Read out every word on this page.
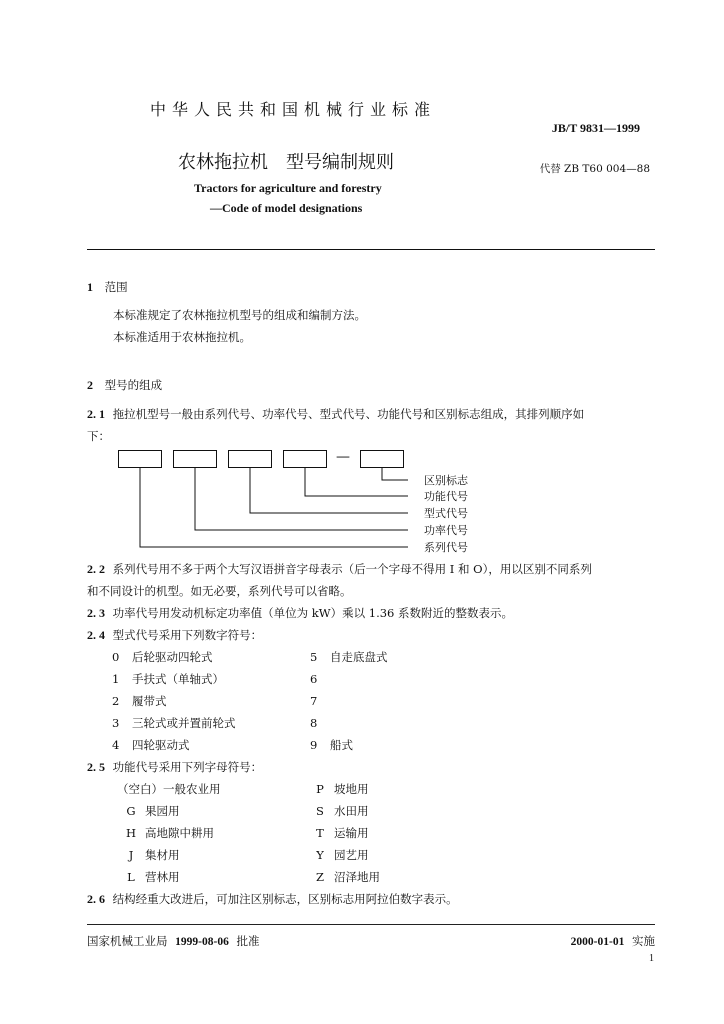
中华人民共和国机械行业标准
JB/T 9831—1999
农林拖拉机　型号编制规则	代替 ZB T60 004—88
Tractors for agriculture and forestry
—Code of model designations
1 范围
本标准规定了农林拖拉机型号的组成和编制方法。
本标准适用于农林拖拉机。
2 型号的组成
2. 1 拖拉机型号一般由系列代号、功率代号、型式代号、功能代号和区别标志组成，其排列顺序如
下：
—
区别标志
功能代号
型式代号
功率代号
系列代号
2. 2 系列代号用不多于两个大写汉语拼音字母表示（后一个字母不得用 I 和 O），用以区别不同系列
和不同设计的机型。如无必要，系列代号可以省略。
2. 3 功率代号用发动机标定功率值（单位为 kW）乘以 1.36 系数附近的整数表示。
2. 4 型式代号采用下列数字符号：
0 后轮驱动四轮式
1 手扶式（单轴式）
2 履带式
3 三轮式或并置前轮式
4 四轮驱动式
5 自走底盘式
6
7
8
9 船式
2. 5 功能代号采用下列字母符号：
（空白）一般农业用
G 果园用
H 高地隙中耕用
J 集材用
L 营林用
P 坡地用
S 水田用
T 运输用
Y 园艺用
Z 沼泽地用
2. 6 结构经重大改进后，可加注区别标志，区别标志用阿拉伯数字表示。
国家机械工业局 1999-08-06 批准	2000-01-01 实施
1
